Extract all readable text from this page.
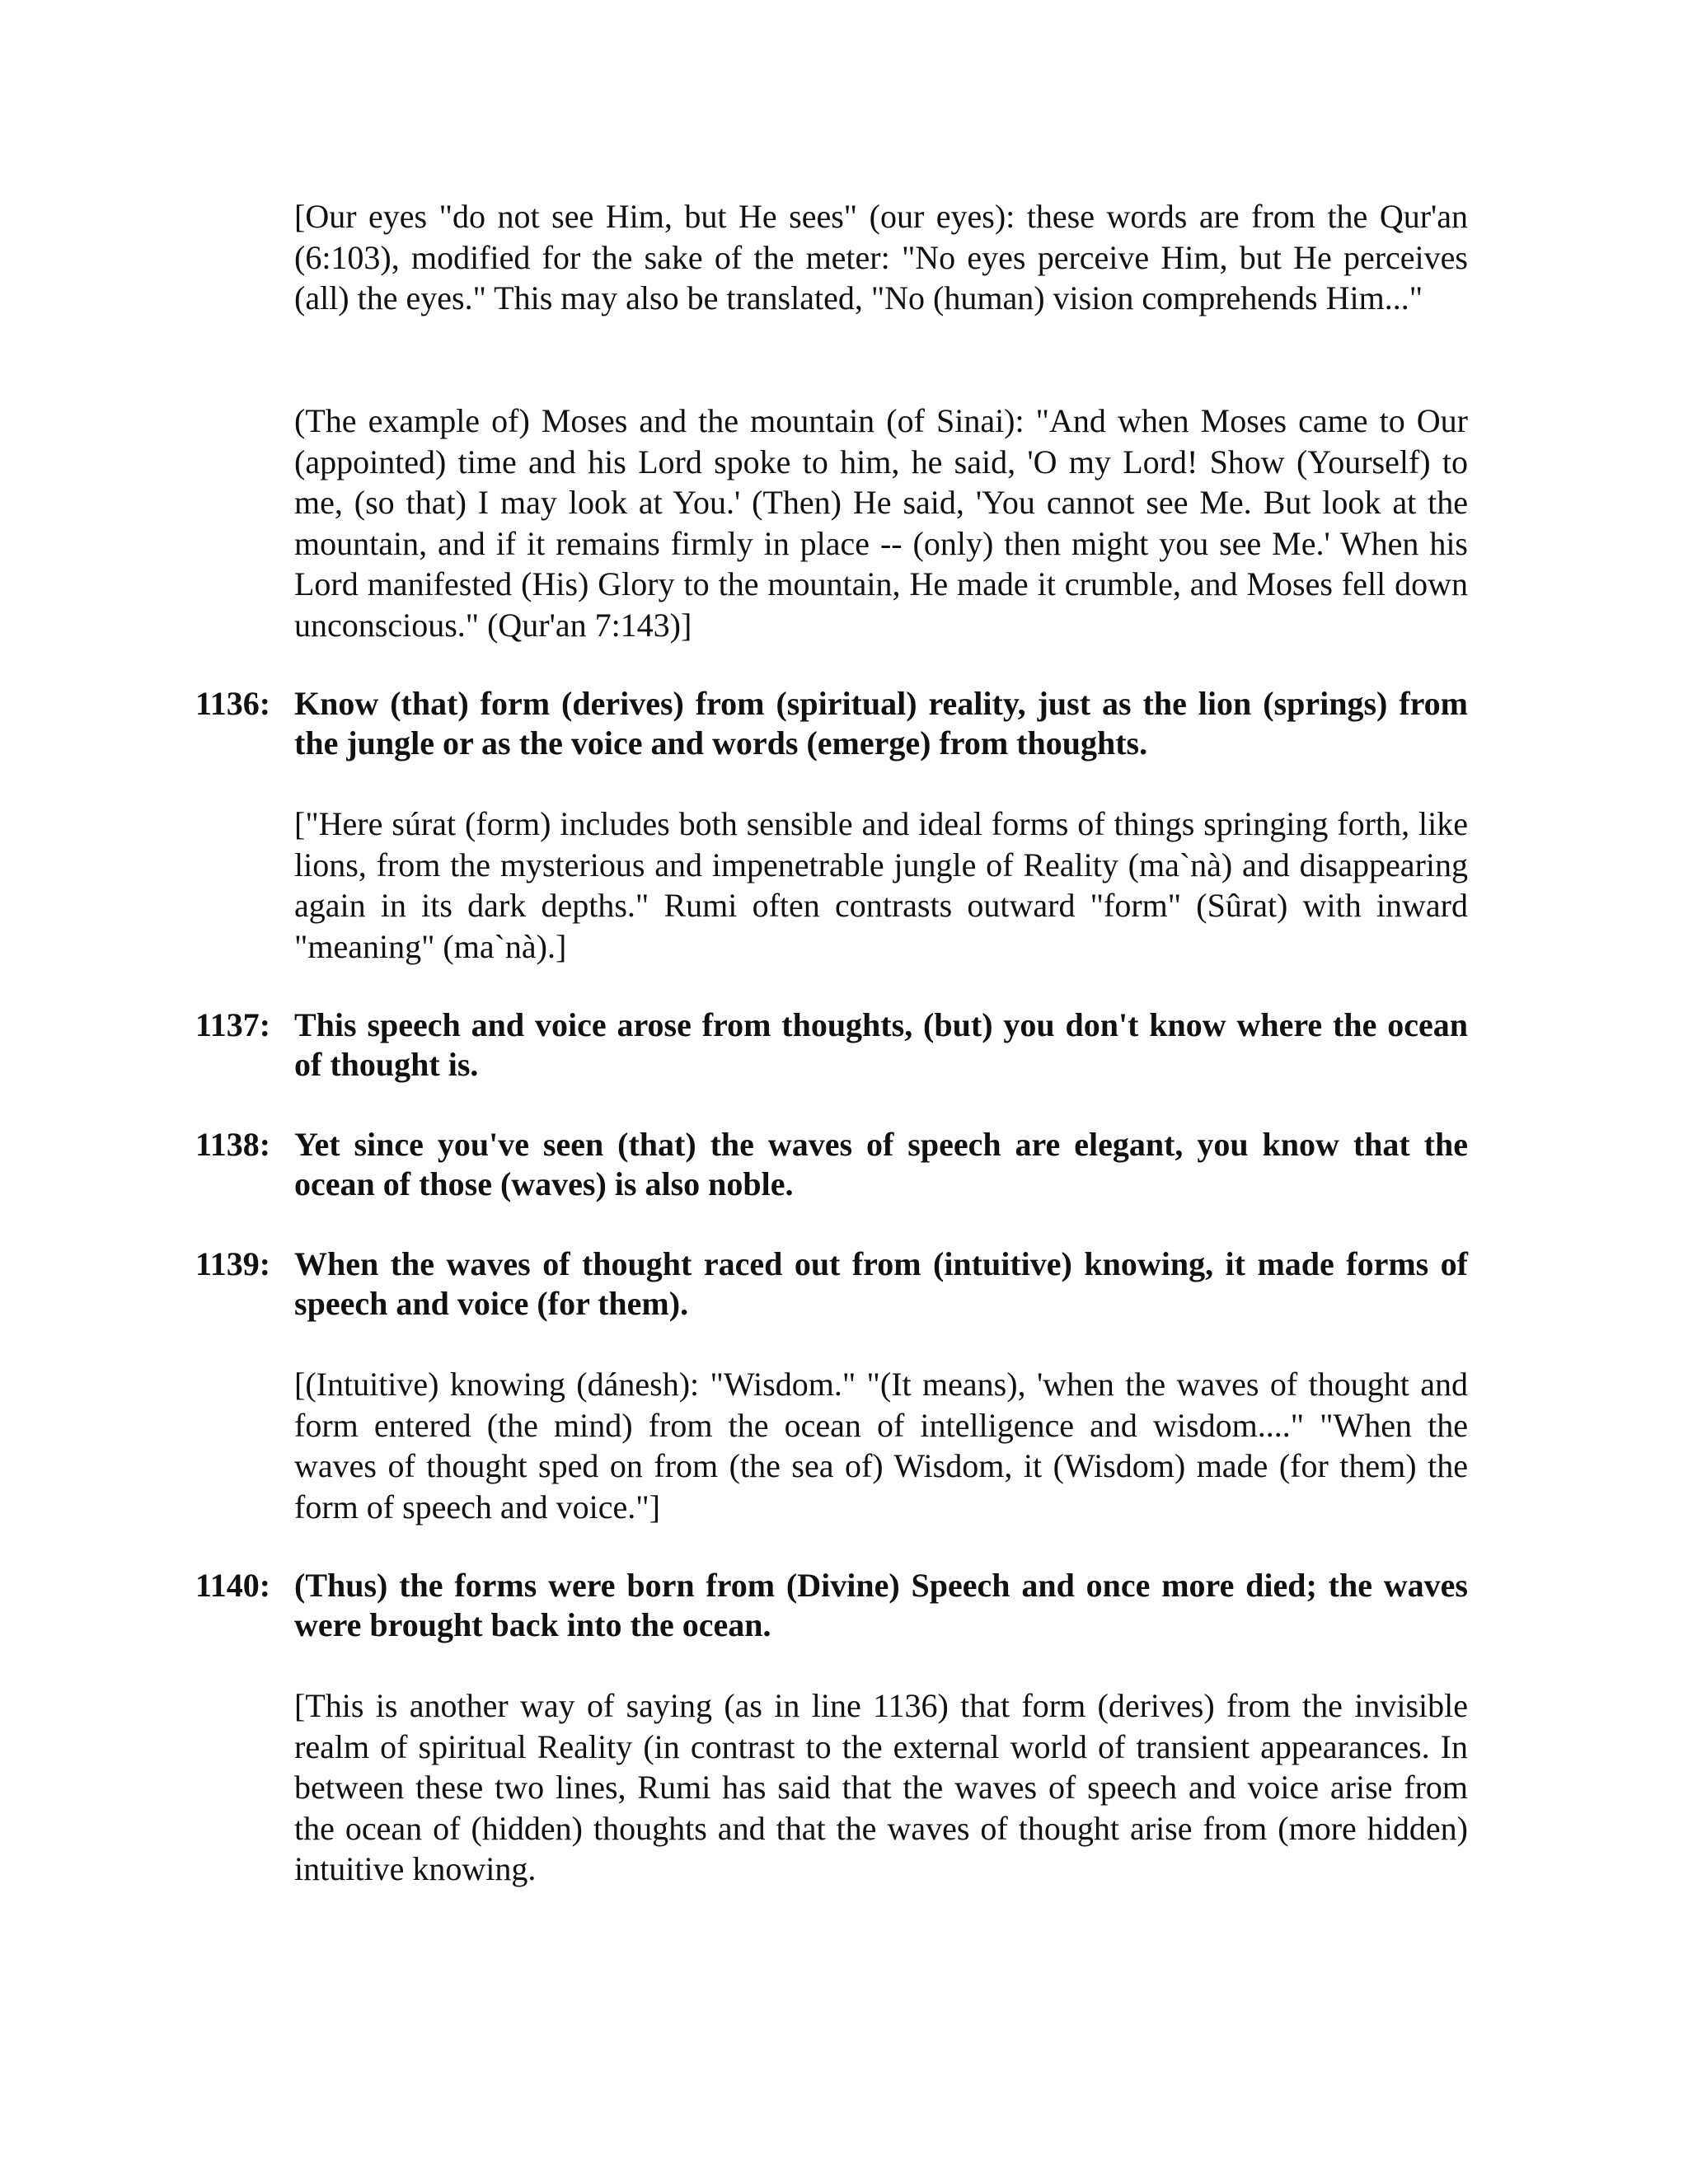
[Our eyes "do not see Him, but He sees" (our eyes): these words are from the Qur'an (6:103), modified for the sake of the meter: "No eyes perceive Him, but He perceives (all) the eyes." This may also be translated, "No (human) vision comprehends Him..."

(The example of) Moses and the mountain (of Sinai): "And when Moses came to Our (appointed) time and his Lord spoke to him, he said, 'O my Lord! Show (Yourself) to me, (so that) I may look at You.' (Then) He said, 'You cannot see Me. But look at the mountain, and if it remains firmly in place -- (only) then might you see Me.' When his Lord manifested (His) Glory to the mountain, He made it crumble, and Moses fell down unconscious." (Qur'an 7:143)]

1136: Know (that) form (derives) from (spiritual) reality, just as the lion (springs) from the jungle or as the voice and words (emerge) from thoughts.

["Here súrat (form) includes both sensible and ideal forms of things springing forth, like lions, from the mysterious and impenetrable jungle of Reality (ma`nà) and disappearing again in its dark depths." Rumi often contrasts outward "form" (Sûrat) with inward "meaning" (ma`nà).]

1137: This speech and voice arose from thoughts, (but) you don't know where the ocean of thought is.
1138: Yet since you've seen (that) the waves of speech are elegant, you know that the ocean of those (waves) is also noble.
1139: When the waves of thought raced out from (intuitive) knowing, it made forms of speech and voice (for them).

[(Intuitive) knowing (dánesh): "Wisdom." "(It means), 'when the waves of thought and form entered (the mind) from the ocean of intelligence and wisdom...." "When the waves of thought sped on from (the sea of) Wisdom, it (Wisdom) made (for them) the form of speech and voice."]

1140: (Thus) the forms were born from (Divine) Speech and once more died; the waves were brought back into the ocean.

[This is another way of saying (as in line 1136) that form (derives) from the invisible realm of spiritual Reality (in contrast to the external world of transient appearances. In between these two lines, Rumi has said that the waves of speech and voice arise from the ocean of (hidden) thoughts and that the waves of thought arise from (more hidden) intuitive knowing.
